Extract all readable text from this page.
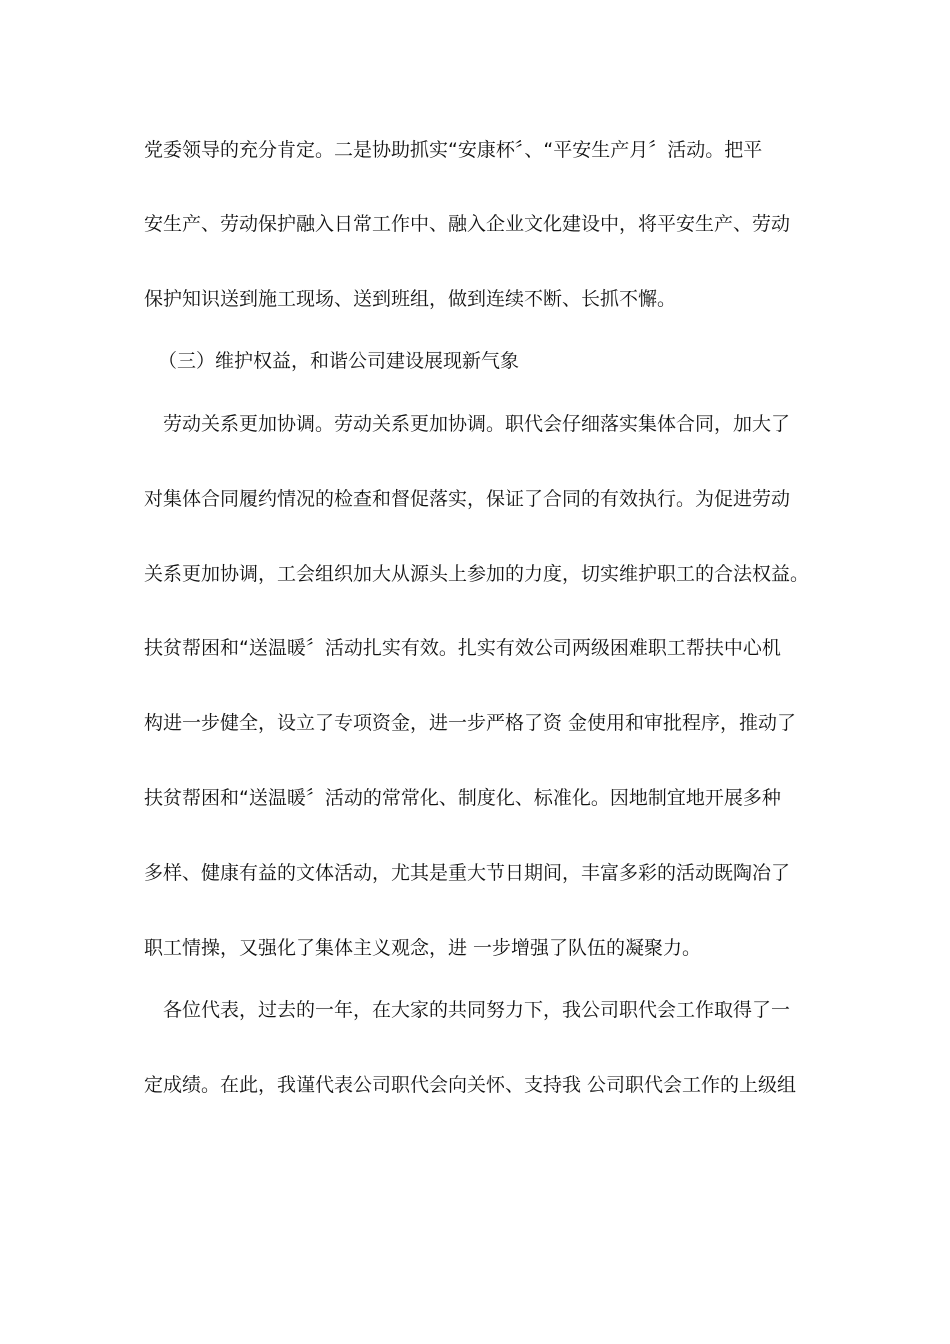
党委领导的充分肯定。二是协助抓实“安康杯〞、“平安生产月〞活动。把平

安生产、劳动保护融入日常工作中、融入企业文化建设中，将平安生产、劳动

保护知识送到施工现场、送到班组，做到连续不断、长抓不懈。

（三）维护权益，和谐公司建设展现新气象

劳动关系更加协调。劳动关系更加协调。职代会仔细落实集体合同，加大了

对集体合同履约情况的检查和督促落实，保证了合同的有效执行。为促进劳动

关系更加协调，工会组织加大从源头上参加的力度，切实维护职工的合法权益。

扶贫帮困和“送温暖〞活动扎实有效。扎实有效公司两级困难职工帮扶中心机

构进一步健全，设立了专项资金，进一步严格了资 金使用和审批程序，推动了

扶贫帮困和“送温暖〞活动的常常化、制度化、标准化。因地制宜地开展多种

多样、健康有益的文体活动，尤其是重大节日期间，丰富多彩的活动既陶冶了

职工情操，又强化了集体主义观念，进 一步增强了队伍的凝聚力。

各位代表，过去的一年，在大家的共同努力下，我公司职代会工作取得了一

定成绩。在此，我谨代表公司职代会向关怀、支持我 公司职代会工作的上级组
